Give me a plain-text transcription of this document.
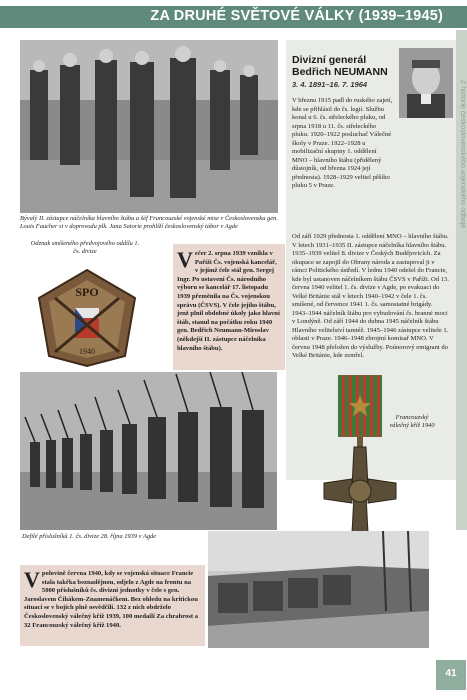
ZA DRUHÉ SVĚTOVÉ VÁLKY (1939–1945)
Z historie československého vojenského odboje
Divizní generál Bedřich NEUMANN
3. 4. 1891–16. 7. 1964
V březnu 1915 padl do ruského zajetí, kde se přihlásil do čs. legií. Službu konal u 6. čs. střeleckého pluku, od srpna 1918 u 11. čs. střeleckého pluku. 1920–1922 posluchač Válečné školy v Praze. 1922–1928 u mobilizační skupiny 1. oddělení MNO – hlavního štábu (přidělený důstojník, od března 1924 její přednosta). 1928–1929 velitel pěšího pluku 5 v Praze.
Od září 1929 přednosta 1. oddělení MNO – hlavního štábu. V letech 1931–1935 II. zástupce náčelníka hlavního štábu. 1935–1939 velitel 8. divize v Českých Budějovicích. Za okupace se zapojil do Obrany národa a zastupoval ji v rámci Politického ústředí. V lednu 1940 odešel do Francie, kde byl ustanoven náčelníkem štábu ČSVS v Paříži. Od 13. června 1940 velitel 1. čs. divize v Agde, po evakuaci do Velké Británie stál v letech 1940–1942 v čele 1. čs. smíšené, od července 1941 1. čs. samostatné brigády. 1943–1944 náčelník štábu pro vybudování čs. branné moci v Londýně. Od září 1944 do dubna 1945 náčelník štábu Hlavního velitelství tamtéž. 1945–1946 zástupce velitele 1. oblasti v Praze. 1946–1948 zbrojmí komisař MNO. V červnu 1948 přeložen do výslužby. Poúnorový emigrant do Velké Británie, kde zemřel.
Bývalý II. zástupce náčelníka hlavního štábu a šéf Francouzské vojenské mise v Československu gen. Louis Faucher si v doprovodu plk. Jana Satorie prohlíží československý tábor v Agde
Odznak smíšeného předvojového oddílu 1. čs. divize
SPO
1940
Večer 2. srpna 1939 vznikla v Paříži Čs. vojenská kancelář, v jejímž čele stál gen. Sergej Ingr. Po ustavení Čs. národního výboru se kancelář 17. listopadu 1939 přeměnila na Čs. vojenskou správu (ČSVS). V čele jejího štábu, jenž plnil obdobné úkoly jako hlavní štáb, stanul na počátku roku 1940 gen. Bedřich Neumann-Miroslav (někdejší II. zástupce náčelníka hlavního štábu).
Defilé příslušníků 1. čs. divize 28. října 1939 v Agde
Francouzský válečný kříž 1940
Vpolovině června 1940, kdy se vojenská situace Francie stala takřka beznadějnou, odjelo z Agde na frontu na 5000 příslušníků čs. divizní jednotky v čele s gen. Jaroslavem Čihákem-Znamenáčkem. Bez ohledu na kritickou situaci se v bojích plně osvědčili. 132 z nich obdrželo Československý válečný kříž 1939, 100 medailí Za chrabrost a 32 Francouzský válečný kříž 1940.
41
